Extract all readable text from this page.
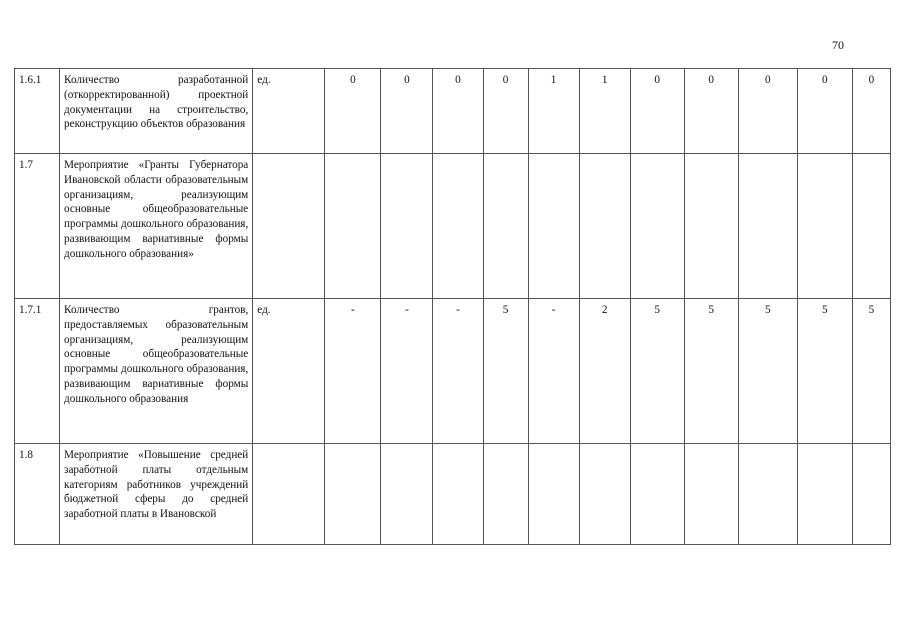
70
1.6.1	Количество разработанной (откорректированной) проектной документации на строительство, реконструкцию объектов образования	ед.	0	0	0	0	1	1	0	0	0	0	0
1.7	Мероприятие «Гранты Губернатора Ивановской области образовательным организациям, реализующим основные общеобразовательные программы дошкольного образования, развивающим вариативные формы дошкольного образования»												
1.7.1	Количество грантов, предоставляемых образовательным организациям, реализующим основные общеобразовательные программы дошкольного образования, развивающим вариативные формы дошкольного образования	ед.	-	-	-	5	-	2	5	5	5	5	5
1.8	Мероприятие «Повышение средней заработной платы отдельным категориям работников учреждений бюджетной сферы до средней заработной платы в Ивановской												
